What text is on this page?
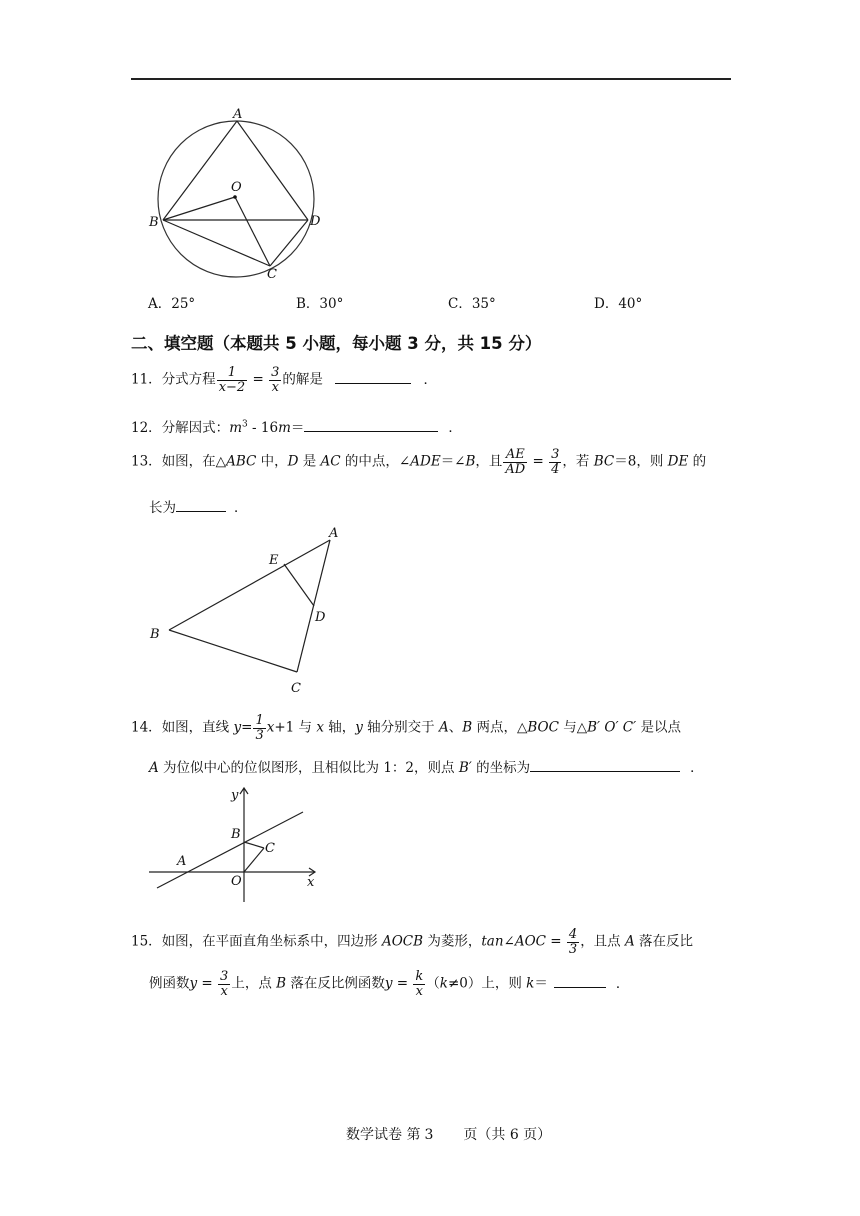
A
B	D
C
O
A．25°	B．30°	C．35°	D．40°
二、填空题（本题共 5 小题，每小题 3 分，共 15 分）
11．分式方程 $\frac{1}{x-2} = \frac{3}{x}$ 的解是	．
12．分解因式：$m^3$ ‑ 16m＝	．
13．如图，在△ABC 中，D 是 AC 的中点，∠ADE＝∠B，且 $\frac{AE}{AD} = \frac{3}{4}$ ，若 BC＝8，则 DE 的
长为	．
A
E
D
B
C
14．如图，直线 $y= \frac{1}{3} x+1$ 与 x 轴，y 轴分别交于 A、B 两点，△BOC 与△B′ O′ C′ 是以点
A 为位似中心的位似图形，且相似比为 1：2，则点 B′ 的坐标为	．
y
x
A
B
C
O
15．如图，在平面直角坐标系中，四边形 AOCB 为菱形，tan∠AOC = $\frac{4}{3}$ ，且点 A 落在反比
例函数$y = \frac{3}{x}$ 上，点 B 落在反比例函数$y = \frac{k}{x} (k\ne 0)$上，则 k＝	．
数学试卷 第 3 页（共 6 页）
